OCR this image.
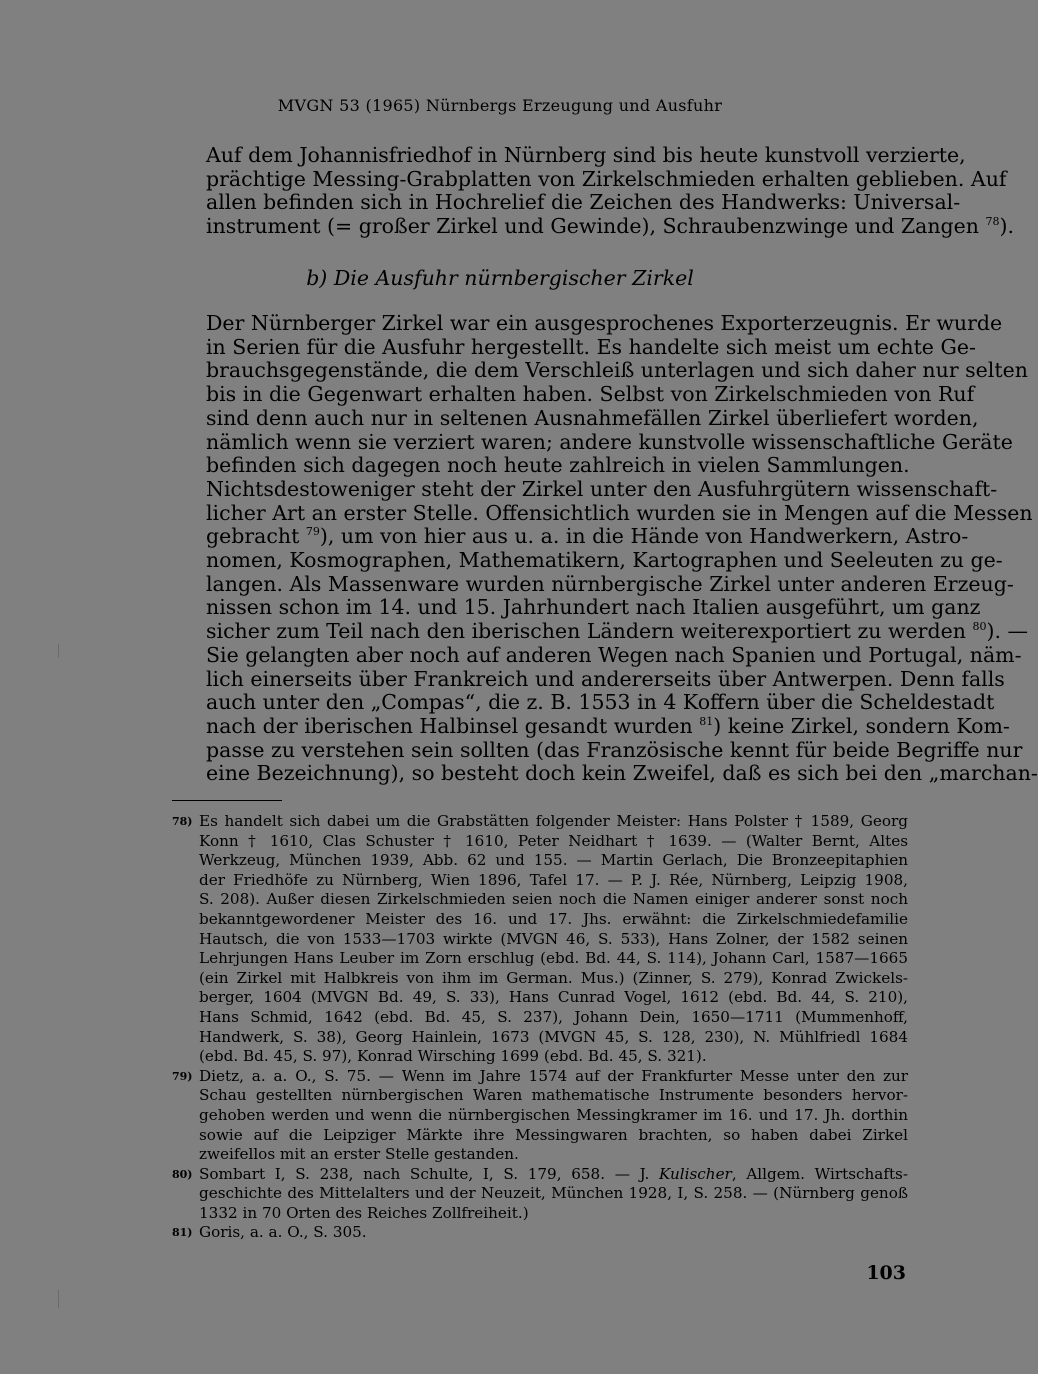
MVGN 53 (1965) Nürnbergs Erzeugung und Ausfuhr

Auf dem Johannisfriedhof in Nürnberg sind bis heute kunstvoll verzierte,
prächtige Messing-Grabplatten von Zirkelschmieden erhalten geblieben. Auf
allen befinden sich in Hochrelief die Zeichen des Handwerks: Universal-
instrument (= großer Zirkel und Gewinde), Schraubenzwinge und Zangen $^{78}$).

b) Die Ausfuhr nürnbergischer Zirkel

Der Nürnberger Zirkel war ein ausgesprochenes Exporterzeugnis. Er wurde
in Serien für die Ausfuhr hergestellt. Es handelte sich meist um echte Ge-
brauchsgegenstände, die dem Verschleiß unterlagen und sich daher nur selten
bis in die Gegenwart erhalten haben. Selbst von Zirkelschmieden von Ruf
sind denn auch nur in seltenen Ausnahmefällen Zirkel überliefert worden,
nämlich wenn sie verziert waren; andere kunstvolle wissenschaftliche Geräte
befinden sich dagegen noch heute zahlreich in vielen Sammlungen.

Nichtsdestoweniger steht der Zirkel unter den Ausfuhrgütern wissenschaft-
licher Art an erster Stelle. Offensichtlich wurden sie in Mengen auf die Messen
gebracht $^{79}$), um von hier aus u. a. in die Hände von Handwerkern, Astro-
nomen, Kosmographen, Mathematikern, Kartographen und Seeleuten zu ge-
langen. Als Massenware wurden nürnbergische Zirkel unter anderen Erzeug-
nissen schon im 14. und 15. Jahrhundert nach Italien ausgeführt, um ganz
sicher zum Teil nach den iberischen Ländern weiterexportiert zu werden $^{80}$). —
Sie gelangten aber noch auf anderen Wegen nach Spanien und Portugal, näm-
lich einerseits über Frankreich und andererseits über Antwerpen. Denn falls
auch unter den „Compas“, die z. B. 1553 in 4 Koffern über die Scheldestadt
nach der iberischen Halbinsel gesandt wurden $^{81}$) keine Zirkel, sondern Kom-
passe zu verstehen sein sollten (das Französische kennt für beide Begriffe nur
eine Bezeichnung), so besteht doch kein Zweifel, daß es sich bei den „marchan-

78) Es handelt sich dabei um die Grabstätten folgender Meister: Hans Polster † 1589, Georg
Konn † 1610, Clas Schuster † 1610, Peter Neidhart † 1639. — (Walter Bernt, Altes
Werkzeug, München 1939, Abb. 62 und 155. — Martin Gerlach, Die Bronzeepitaphien
der Friedhöfe zu Nürnberg, Wien 1896, Tafel 17. — P. J. Rée, Nürnberg, Leipzig 1908,
S. 208). Außer diesen Zirkelschmieden seien noch die Namen einiger anderer sonst noch
bekanntgewordener Meister des 16. und 17. Jhs. erwähnt: die Zirkelschmiedefamilie
Hautsch, die von 1533—1703 wirkte (MVGN 46, S. 533), Hans Zolner, der 1582 seinen
Lehrjungen Hans Leuber im Zorn erschlug (ebd. Bd. 44, S. 114), Johann Carl, 1587—1665
(ein Zirkel mit Halbkreis von ihm im German. Mus.) (Zinner, S. 279), Konrad Zwickels-
berger, 1604 (MVGN Bd. 49, S. 33), Hans Cunrad Vogel, 1612 (ebd. Bd. 44, S. 210),
Hans Schmid, 1642 (ebd. Bd. 45, S. 237), Johann Dein, 1650—1711 (Mummenhoff,
Handwerk, S. 38), Georg Hainlein, 1673 (MVGN 45, S. 128, 230), N. Mühlfriedl 1684
(ebd. Bd. 45, S. 97), Konrad Wirsching 1699 (ebd. Bd. 45, S. 321).
79) Dietz, a. a. O., S. 75. — Wenn im Jahre 1574 auf der Frankfurter Messe unter den zur
Schau gestellten nürnbergischen Waren mathematische Instrumente besonders hervor-
gehoben werden und wenn die nürnbergischen Messingkramer im 16. und 17. Jh. dorthin
sowie auf die Leipziger Märkte ihre Messingwaren brachten, so haben dabei Zirkel
zweifellos mit an erster Stelle gestanden.
80) Sombart I, S. 238, nach Schulte, I, S. 179, 658. — J. Kulischer, Allgem. Wirtschafts-
geschichte des Mittelalters und der Neuzeit, München 1928, I, S. 258. — (Nürnberg genoß
1332 in 70 Orten des Reiches Zollfreiheit.)
81) Goris, a. a. O., S. 305.
103
